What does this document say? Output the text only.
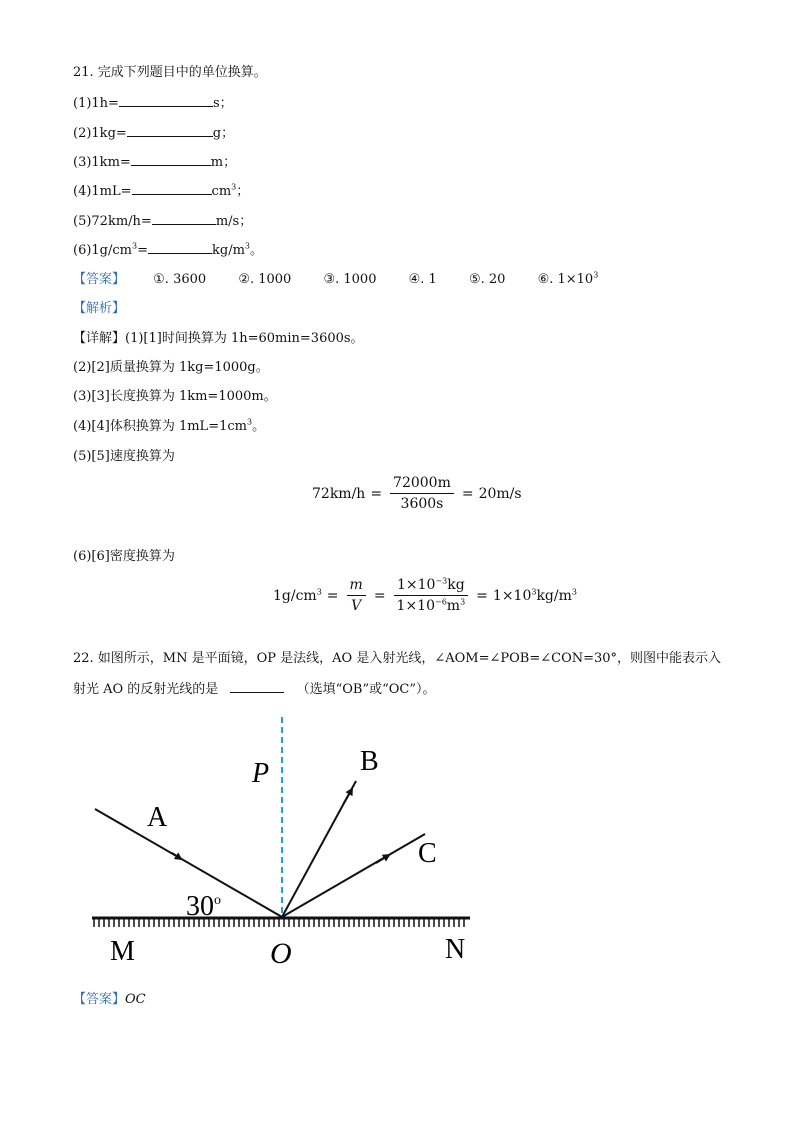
21. 完成下列题目中的单位换算。
(1)1h=	s；
(2)1kg=	g；
(3)1km=	m；
(4)1mL=	$cm^3$；
(5)72km/h=	m/s；
$(6)1g/cm^3=$	$kg/m^3$。
【答案】 ①. 3600 ②. 1000 ③. 1000 ④. 1 ⑤. 20 ⑥. $1\times 10^3$
【解析】
【详解】(1)[1]时间换算为 1h=60min=3600s。
(2)[2]质量换算为 1kg=1000g。
(3)[3]长度换算为 1km=1000m。
(4)[4]体积换算为 $1mL=1cm^3$。
(5)[5]速度换算为
$72km/h = \frac{72000m}{3600s} = 20m/s$
(6)[6]密度换算为
$1g/cm^3 = \frac{m}{V} = \frac{1\times 10^{-3}kg}{1\times 10^{-6}m^3} = 1\times 10^3kg/m^3$
22. 如图所示，MN 是平面镜，OP 是法线，AO 是入射光线，∠AOM=∠POB=∠CON=30°，则图中能表示入
射光 AO 的反射光线的是	（选填“OB”或“OC”）。
A
B
C
P
M	N
O
30$^o$
【答案】OC
